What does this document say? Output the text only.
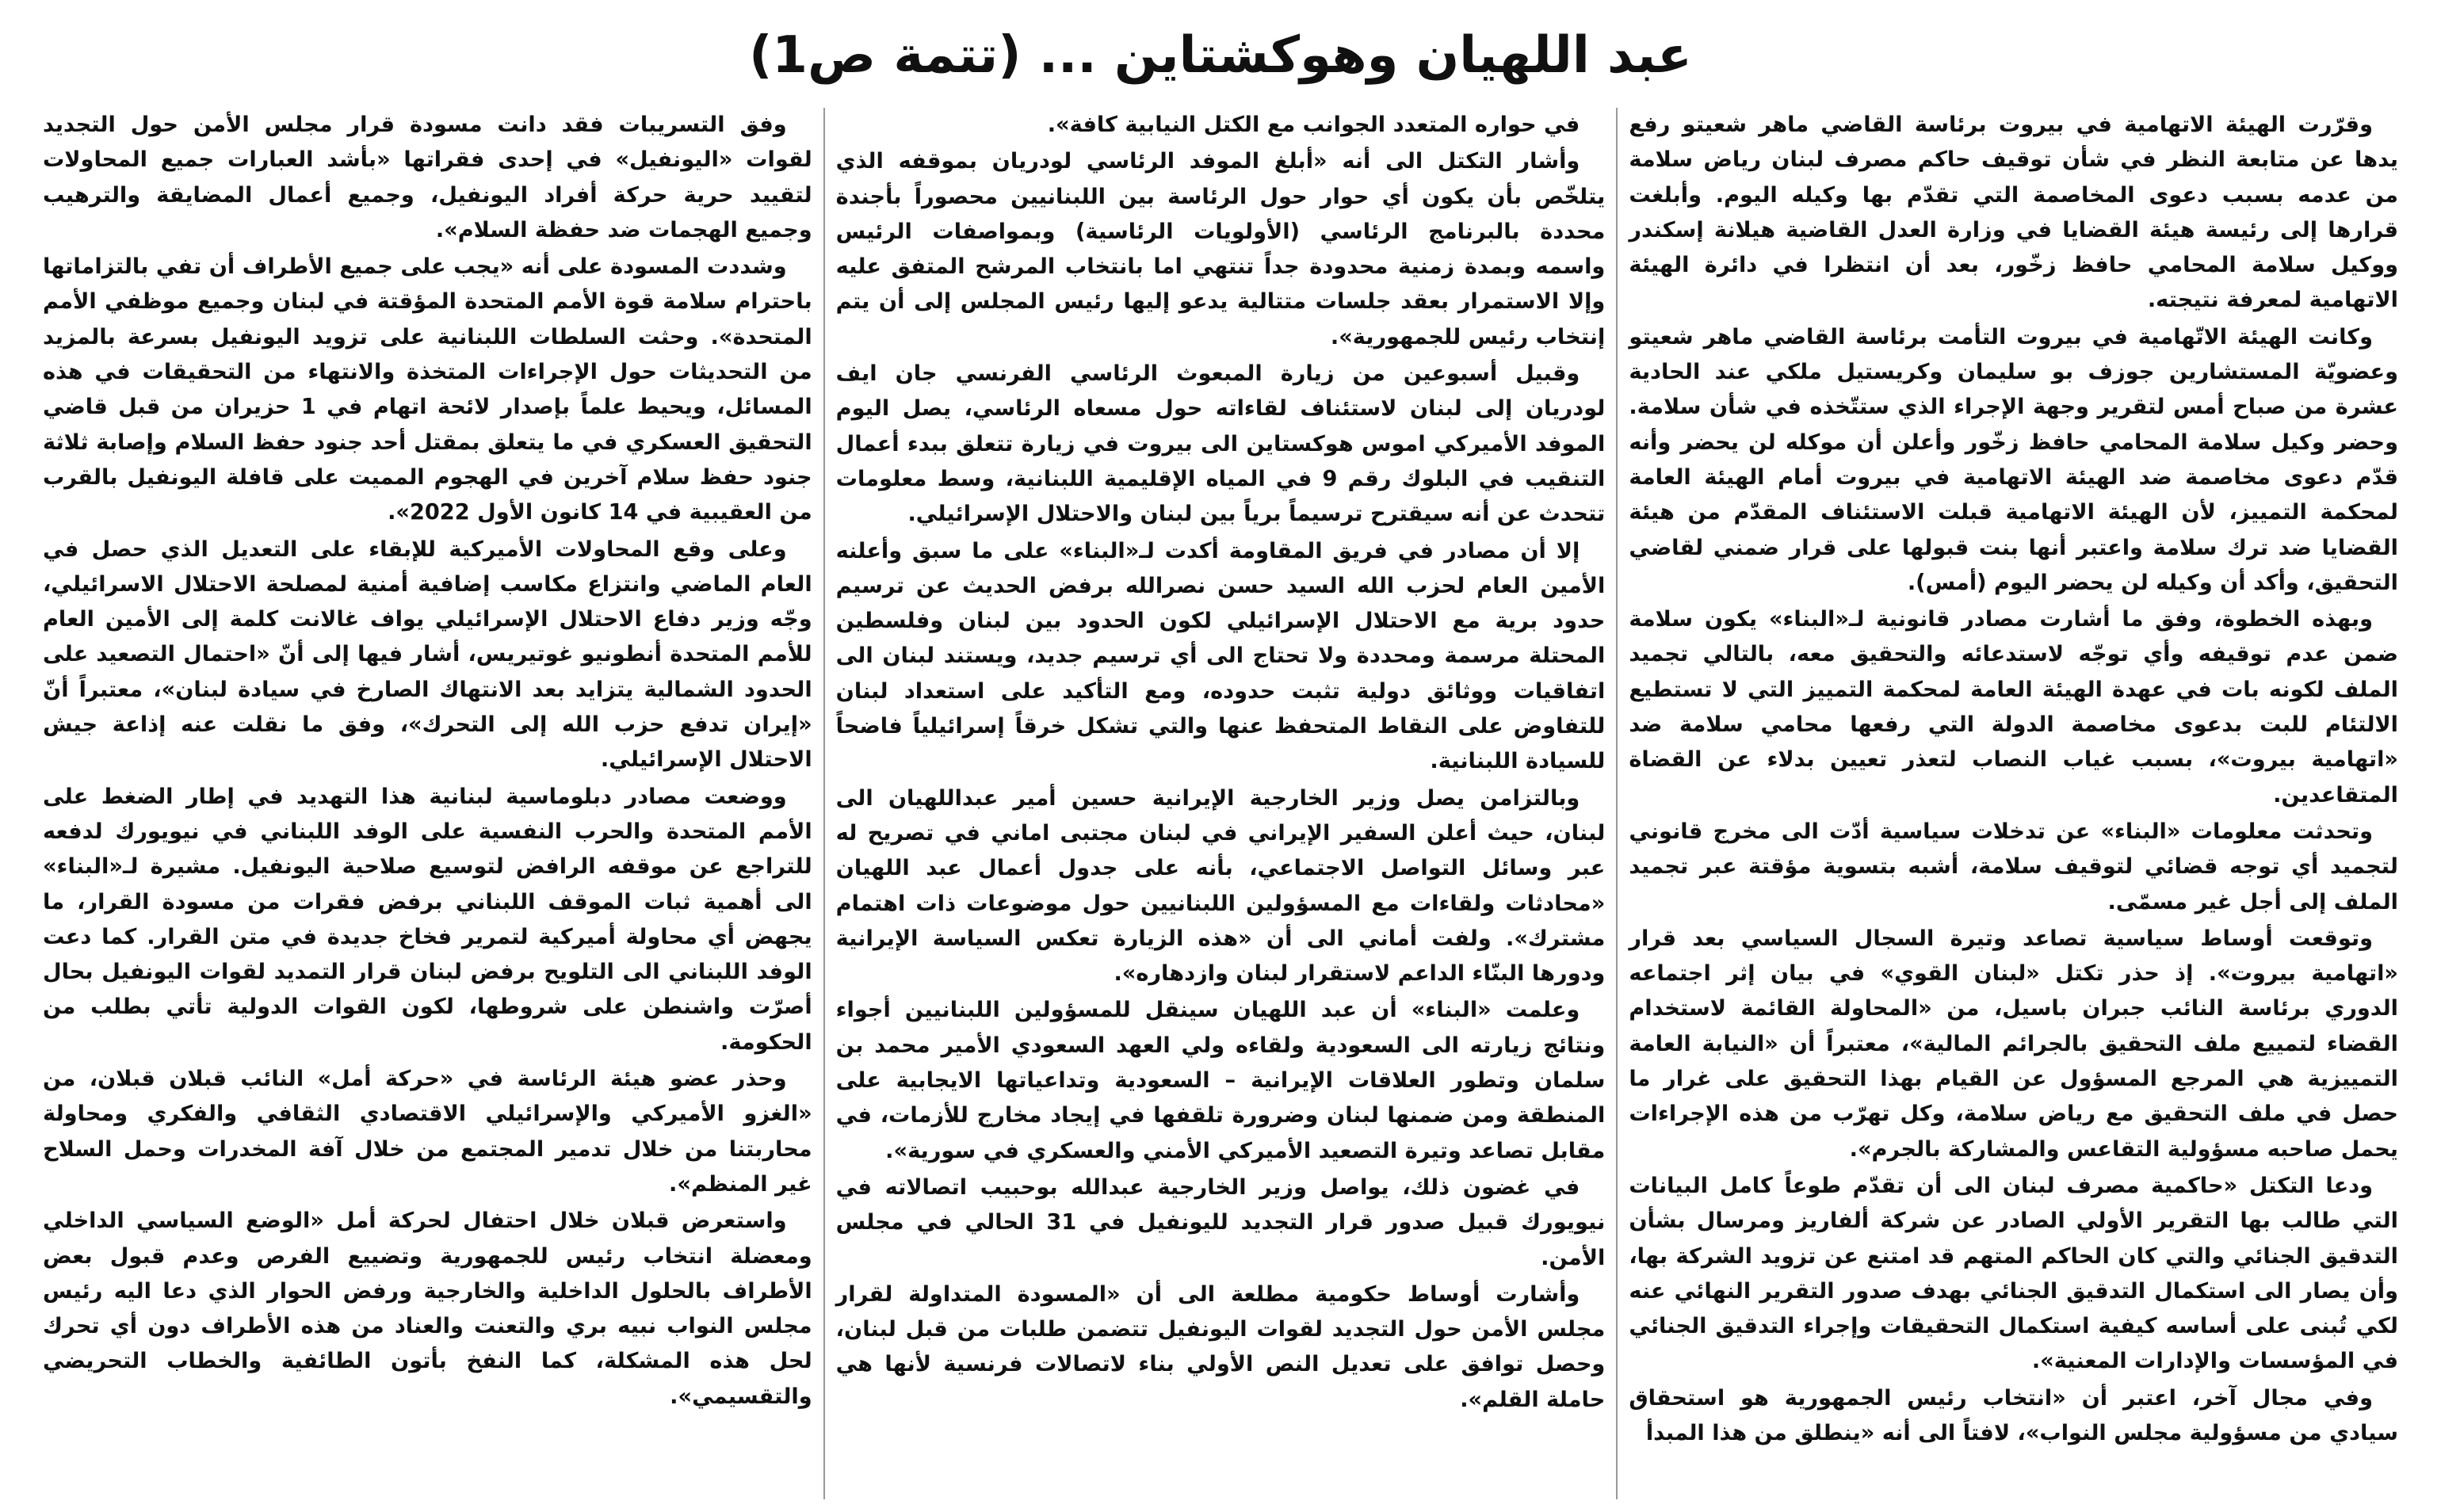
عبد اللهيان وهوكشتاين ... (تتمة ص1)

وقرّرت الهيئة الاتهامية في بيروت برئاسة القاضي ماهر شعيتو رفع يدها عن متابعة النظر في شأن توقيف حاكم مصرف لبنان رياض سلامة من عدمه بسبب دعوى المخاصمة التي تقدّم بها وكيله اليوم. وأبلغت قرارها إلى رئيسة هيئة القضايا في وزارة العدل القاضية هيلانة إسكندر ووكيل سلامة المحامي حافظ زخّور، بعد أن انتظرا في دائرة الهيئة الاتهامية لمعرفة نتيجته.

وكانت الهيئة الاتّهامية في بيروت التأمت برئاسة القاضي ماهر شعيتو وعضويّة المستشارين جوزف بو سليمان وكريستيل ملكي عند الحادية عشرة من صباح أمس لتقرير وجهة الإجراء الذي ستتّخذه في شأن سلامة. وحضر وكيل سلامة المحامي حافظ زخّور وأعلن أن موكله لن يحضر وأنه قدّم دعوى مخاصمة ضد الهيئة الاتهامية في بيروت أمام الهيئة العامة لمحكمة التمييز، لأن الهيئة الاتهامية قبلت الاستئناف المقدّم من هيئة القضايا ضد ترك سلامة واعتبر أنها بنت قبولها على قرار ضمني لقاضي التحقيق، وأكد أن وكيله لن يحضر اليوم (أمس).

وبهذه الخطوة، وفق ما أشارت مصادر قانونية لـ«البناء» يكون سلامة ضمن عدم توقيفه وأي توجّه لاستدعائه والتحقيق معه، بالتالي تجميد الملف لكونه بات في عهدة الهيئة العامة لمحكمة التمييز التي لا تستطيع الالتئام للبت بدعوى مخاصمة الدولة التي رفعها محامي سلامة ضد «اتهامية بيروت»، بسبب غياب النصاب لتعذر تعيين بدلاء عن القضاة المتقاعدين.

وتحدثت معلومات «البناء» عن تدخلات سياسية أدّت الى مخرج قانوني لتجميد أي توجه قضائي لتوقيف سلامة، أشبه بتسوية مؤقتة عبر تجميد الملف إلى أجل غير مسمّى.

وتوقعت أوساط سياسية تصاعد وتيرة السجال السياسي بعد قرار «اتهامية بيروت». إذ حذر تكتل «لبنان القوي» في بيان إثر اجتماعه الدوري برئاسة النائب جبران باسيل، من «المحاولة القائمة لاستخدام القضاء لتمييع ملف التحقيق بالجرائم المالية»، معتبراً أن «النيابة العامة التمييزية هي المرجع المسؤول عن القيام بهذا التحقيق على غرار ما حصل في ملف التحقيق مع رياض سلامة، وكل تهرّب من هذه الإجراءات يحمل صاحبه مسؤولية التقاعس والمشاركة بالجرم».

ودعا التكتل «حاكمية مصرف لبنان الى أن تقدّم طوعاً كامل البيانات التي طالب بها التقرير الأولي الصادر عن شركة ألفاريز ومرسال بشأن التدقيق الجنائي والتي كان الحاكم المتهم قد امتنع عن تزويد الشركة بها، وأن يصار الى استكمال التدقيق الجنائي بهدف صدور التقرير النهائي عنه لكي تُبنى على أساسه كيفية استكمال التحقيقات وإجراء التدقيق الجنائي في المؤسسات والإدارات المعنية».

وفي مجال آخر، اعتبر أن «انتخاب رئيس الجمهورية هو استحقاق سيادي من مسؤولية مجلس النواب»، لافتاً الى أنه «ينطلق من هذا المبدأ

في حواره المتعدد الجوانب مع الكتل النيابية كافة».

وأشار التكتل الى أنه «أبلغ الموفد الرئاسي لودريان بموقفه الذي يتلخّص بأن يكون أي حوار حول الرئاسة بين اللبنانيين محصوراً بأجندة محددة بالبرنامج الرئاسي (الأولويات الرئاسية) وبمواصفات الرئيس واسمه وبمدة زمنية محدودة جداً تنتهي اما بانتخاب المرشح المتفق عليه وإلا الاستمرار بعقد جلسات متتالية يدعو إليها رئيس المجلس إلى أن يتم إنتخاب رئيس للجمهورية».

وقبيل أسبوعين من زيارة المبعوث الرئاسي الفرنسي جان ايف لودريان إلى لبنان لاستئناف لقاءاته حول مسعاه الرئاسي، يصل اليوم الموفد الأميركي اموس هوكستاين الى بيروت في زيارة تتعلق ببدء أعمال التنقيب في البلوك رقم 9 في المياه الإقليمية اللبنانية، وسط معلومات تتحدث عن أنه سيقترح ترسيماً برياً بين لبنان والاحتلال الإسرائيلي.

إلا أن مصادر في فريق المقاومة أكدت لـ«البناء» على ما سبق وأعلنه الأمين العام لحزب الله السيد حسن نصرالله برفض الحديث عن ترسيم حدود برية مع الاحتلال الإسرائيلي لكون الحدود بين لبنان وفلسطين المحتلة مرسمة ومحددة ولا تحتاج الى أي ترسيم جديد، ويستند لبنان الى اتفاقيات ووثائق دولية تثبت حدوده، ومع التأكيد على استعداد لبنان للتفاوض على النقاط المتحفظ عنها والتي تشكل خرقاً إسرائيلياً فاضحاً للسيادة اللبنانية.

وبالتزامن يصل وزير الخارجية الإيرانية حسين أمير عبداللهيان الى لبنان، حيث أعلن السفير الإيراني في لبنان مجتبى اماني في تصريح له عبر وسائل التواصل الاجتماعي، بأنه على جدول أعمال عبد اللهيان «محادثات ولقاءات مع المسؤولين اللبنانيين حول موضوعات ذات اهتمام مشترك». ولفت أماني الى أن «هذه الزيارة تعكس السياسة الإيرانية ودورها البنّاء الداعم لاستقرار لبنان وازدهاره».

وعلمت «البناء» أن عبد اللهيان سينقل للمسؤولين اللبنانيين أجواء ونتائج زيارته الى السعودية ولقاءه ولي العهد السعودي الأمير محمد بن سلمان وتطور العلاقات الإيرانية – السعودية وتداعياتها الايجابية على المنطقة ومن ضمنها لبنان وضرورة تلقفها في إيجاد مخارج للأزمات، في مقابل تصاعد وتيرة التصعيد الأميركي الأمني والعسكري في سورية».

في غضون ذلك، يواصل وزير الخارجية عبدالله بوحبيب اتصالاته في نيويورك قبيل صدور قرار التجديد لليونفيل في 31 الحالي في مجلس الأمن.

وأشارت أوساط حكومية مطلعة الى أن «المسودة المتداولة لقرار مجلس الأمن حول التجديد لقوات اليونفيل تتضمن طلبات من قبل لبنان، وحصل توافق على تعديل النص الأولي بناء لاتصالات فرنسية لأنها هي حاملة القلم».

وفق التسريبات فقد دانت مسودة قرار مجلس الأمن حول التجديد لقوات «اليونفيل» في إحدى فقراتها «بأشد العبارات جميع المحاولات لتقييد حرية حركة أفراد اليونفيل، وجميع أعمال المضايقة والترهيب وجميع الهجمات ضد حفظة السلام».

وشددت المسودة على أنه «يجب على جميع الأطراف أن تفي بالتزاماتها باحترام سلامة قوة الأمم المتحدة المؤقتة في لبنان وجميع موظفي الأمم المتحدة». وحثت السلطات اللبنانية على تزويد اليونفيل بسرعة بالمزيد من التحديثات حول الإجراءات المتخذة والانتهاء من التحقيقات في هذه المسائل، ويحيط علماً بإصدار لائحة اتهام في 1 حزيران من قبل قاضي التحقيق العسكري في ما يتعلق بمقتل أحد جنود حفظ السلام وإصابة ثلاثة جنود حفظ سلام آخرين في الهجوم المميت على قافلة اليونفيل بالقرب من العقيبية في 14 كانون الأول 2022».

وعلى وقع المحاولات الأميركية للإبقاء على التعديل الذي حصل في العام الماضي وانتزاع مكاسب إضافية أمنية لمصلحة الاحتلال الاسرائيلي، وجّه وزير دفاع الاحتلال الإسرائيلي يواف غالانت كلمة إلى الأمين العام للأمم المتحدة أنطونيو غوتيريس، أشار فيها إلى أنّ «احتمال التصعيد على الحدود الشمالية يتزايد بعد الانتهاك الصارخ في سيادة لبنان»، معتبراً أنّ «إيران تدفع حزب الله إلى التحرك»، وفق ما نقلت عنه إذاعة جيش الاحتلال الإسرائيلي.

ووضعت مصادر دبلوماسية لبنانية هذا التهديد في إطار الضغط على الأمم المتحدة والحرب النفسية على الوفد اللبناني في نيويورك لدفعه للتراجع عن موقفه الرافض لتوسيع صلاحية اليونفيل. مشيرة لـ«البناء» الى أهمية ثبات الموقف اللبناني برفض فقرات من مسودة القرار، ما يجهض أي محاولة أميركية لتمرير فخاخ جديدة في متن القرار. كما دعت الوفد اللبناني الى التلويح برفض لبنان قرار التمديد لقوات اليونفيل بحال أصرّت واشنطن على شروطها، لكون القوات الدولية تأتي بطلب من الحكومة.

وحذر عضو هيئة الرئاسة في «حركة أمل» النائب قبلان قبلان، من «الغزو الأميركي والإسرائيلي الاقتصادي الثقافي والفكري ومحاولة محاربتنا من خلال تدمير المجتمع من خلال آفة المخدرات وحمل السلاح غير المنظم».

واستعرض قبلان خلال احتفال لحركة أمل «الوضع السياسي الداخلي ومعضلة انتخاب رئيس للجمهورية وتضييع الفرص وعدم قبول بعض الأطراف بالحلول الداخلية والخارجية ورفض الحوار الذي دعا اليه رئيس مجلس النواب نبيه بري والتعنت والعناد من هذه الأطراف دون أي تحرك لحل هذه المشكلة، كما النفخ بأتون الطائفية والخطاب التحريضي والتقسيمي».
